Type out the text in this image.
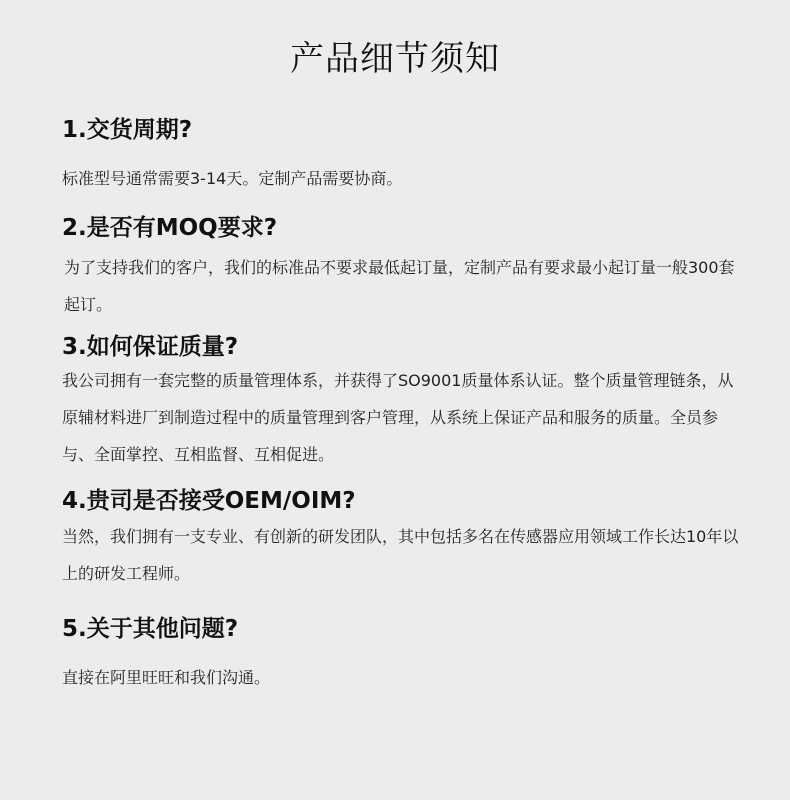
产品细节须知
1.交货周期?
标准型号通常需要3-14天。定制产品需要协商。
2.是否有MOQ要求?
为了支持我们的客户，我们的标准品不要求最低起订量，定制产品有要求最小起订量一般300套起订。
3.如何保证质量?
我公司拥有一套完整的质量管理体系，并获得了SO9001质量体系认证。整个质量管理链条，从原辅材料进厂到制造过程中的质量管理到客户管理，从系统上保证产品和服务的质量。全员参与、全面掌控、互相监督、互相促进。
4.贵司是否接受OEM/OIM?
当然，我们拥有一支专业、有创新的研发团队，其中包括多名在传感器应用领域工作长达10年以上的研发工程师。
5.关于其他问题?
直接在阿里旺旺和我们沟通。
